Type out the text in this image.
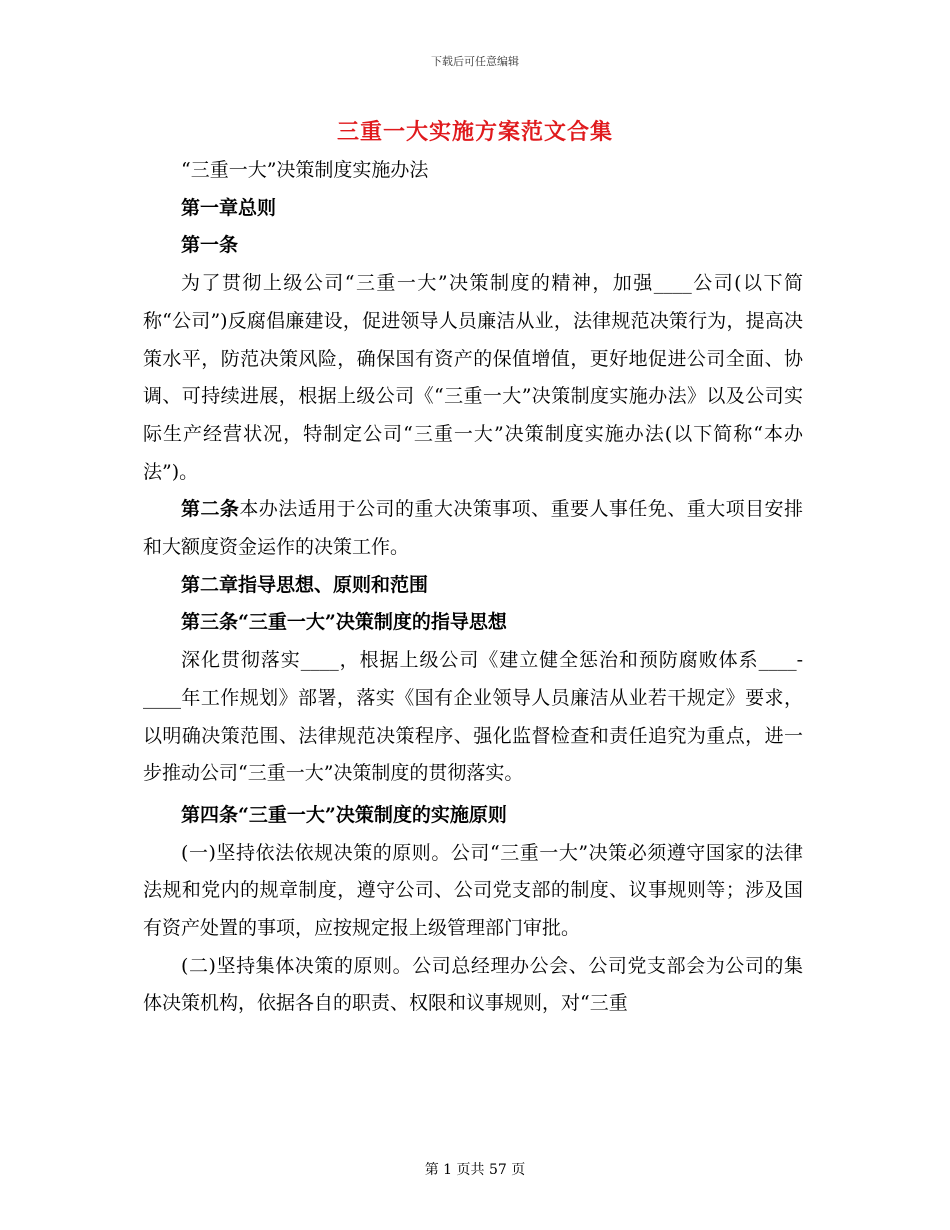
下载后可任意编辑
三重一大实施方案范文合集

“三重一大”决策制度实施办法

第一章总则

第一条

为了贯彻上级公司“三重一大”决策制度的精神，加强____公司(以下简称“公司”)反腐倡廉建设，促进领导人员廉洁从业，法律规范决策行为，提高决策水平，防范决策风险，确保国有资产的保值增值，更好地促进公司全面、协调、可持续进展，根据上级公司《“三重一大”决策制度实施办法》以及公司实际生产经营状况，特制定公司“三重一大”决策制度实施办法(以下简称“本办法”)。

第二条本办法适用于公司的重大决策事项、重要人事任免、重大项目安排和大额度资金运作的决策工作。

第二章指导思想、原则和范围

第三条“三重一大”决策制度的指导思想

深化贯彻落实____，根据上级公司《建立健全惩治和预防腐败体系____-____年工作规划》部署，落实《国有企业领导人员廉洁从业若干规定》要求，以明确决策范围、法律规范决策程序、强化监督检查和责任追究为重点，进一步推动公司“三重一大”决策制度的贯彻落实。

第四条“三重一大”决策制度的实施原则

(一)坚持依法依规决策的原则。公司“三重一大”决策必须遵守国家的法律法规和党内的规章制度，遵守公司、公司党支部的制度、议事规则等；涉及国有资产处置的事项，应按规定报上级管理部门审批。

(二)坚持集体决策的原则。公司总经理办公会、公司党支部会为公司的集体决策机构，依据各自的职责、权限和议事规则，对“三重

第 1 页共 57 页
